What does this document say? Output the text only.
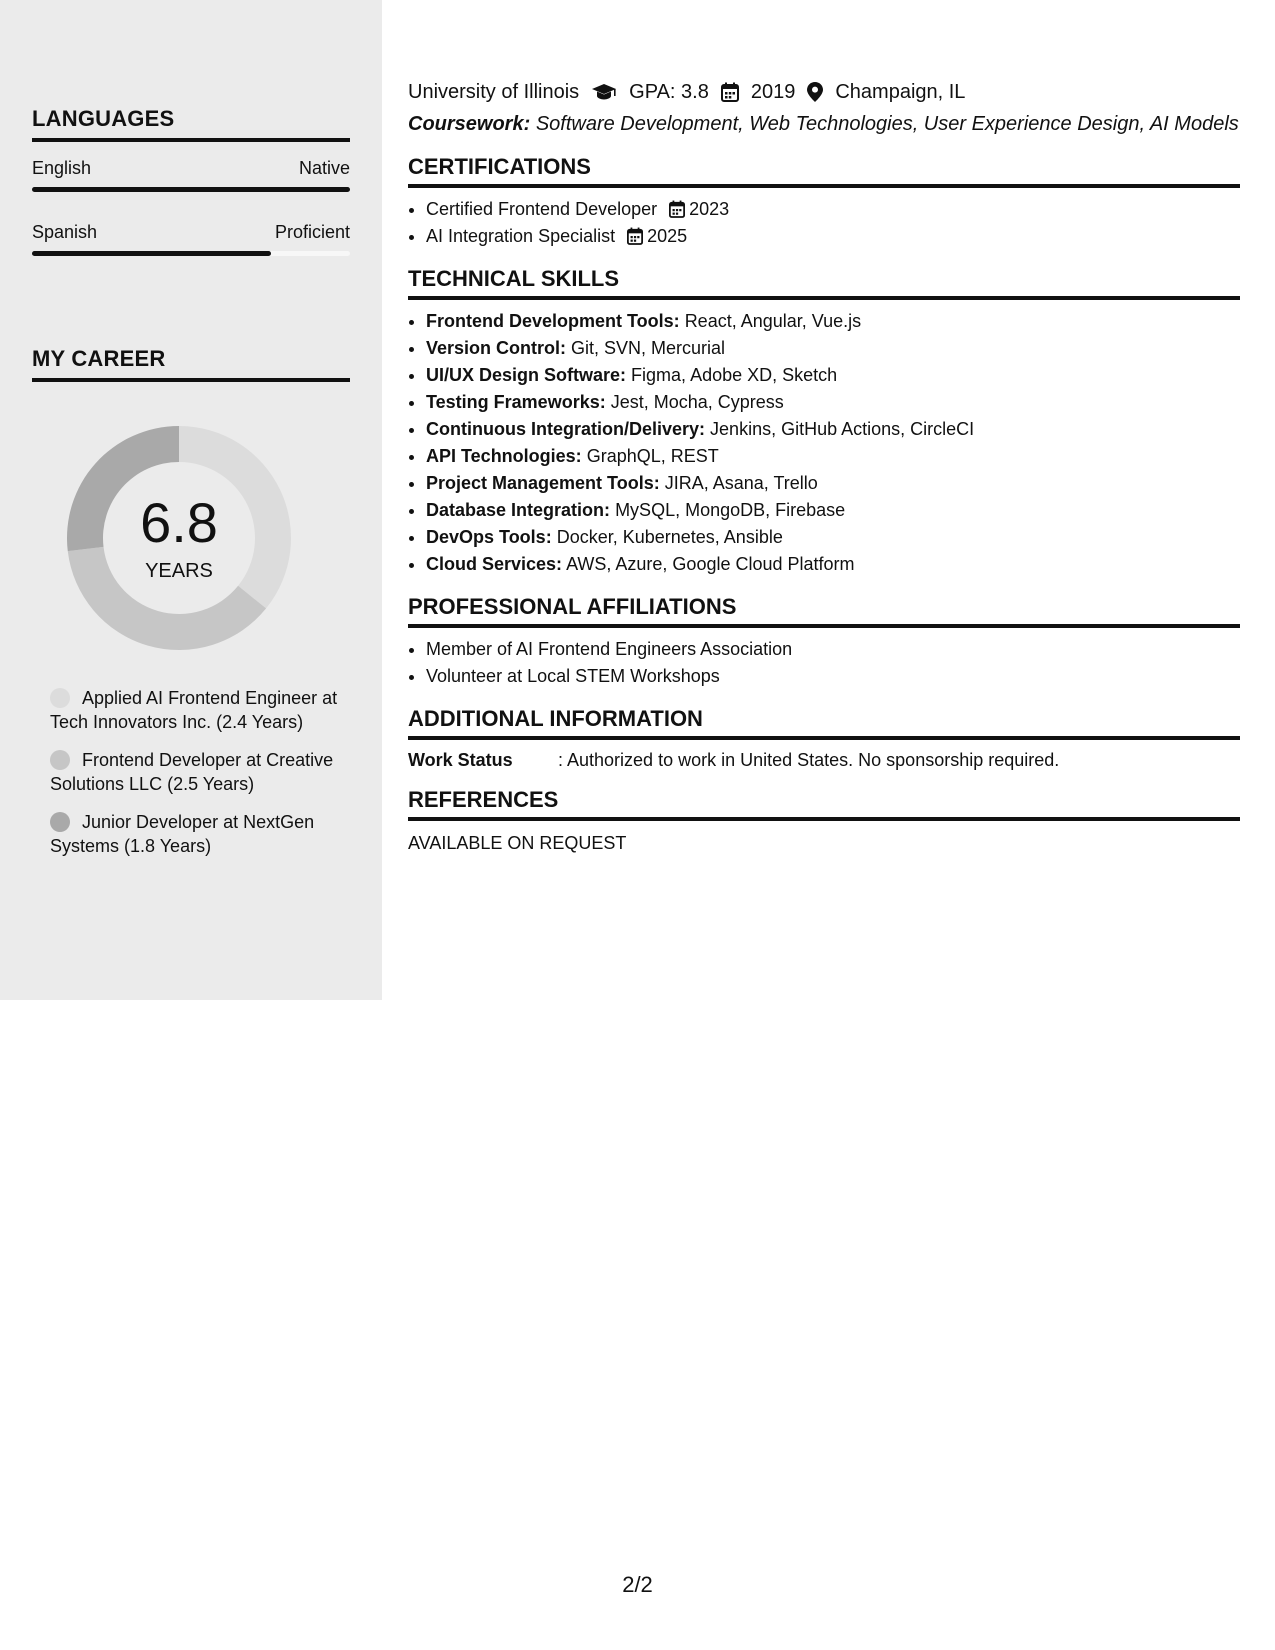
LANGUAGES
English	Native
Spanish	Proficient
MY CAREER
6.8
YEARS
Applied AI Frontend Engineer at Tech Innovators Inc. (2.4 Years)
Frontend Developer at Creative Solutions LLC (2.5 Years)
Junior Developer at NextGen Systems (1.8 Years)
University of Illinois	GPA: 3.8 2019 Champaign, IL
Coursework: Software Development, Web Technologies, User Experience Design, AI Models
CERTIFICATIONS
• Certified Frontend Developer 2023
• AI Integration Specialist 2025
TECHNICAL SKILLS
• Frontend Development Tools: React, Angular, Vue.js
• Version Control: Git, SVN, Mercurial
• UI/UX Design Software: Figma, Adobe XD, Sketch
• Testing Frameworks: Jest, Mocha, Cypress
• Continuous Integration/Delivery: Jenkins, GitHub Actions, CircleCI
• API Technologies: GraphQL, REST
• Project Management Tools: JIRA, Asana, Trello
• Database Integration: MySQL, MongoDB, Firebase
• DevOps Tools: Docker, Kubernetes, Ansible
• Cloud Services: AWS, Azure, Google Cloud Platform
PROFESSIONAL AFFILIATIONS
• Member of AI Frontend Engineers Association
• Volunteer at Local STEM Workshops
ADDITIONAL INFORMATION
Work Status	: Authorized to work in United States. No sponsorship required.
REFERENCES
AVAILABLE ON REQUEST
2/2
